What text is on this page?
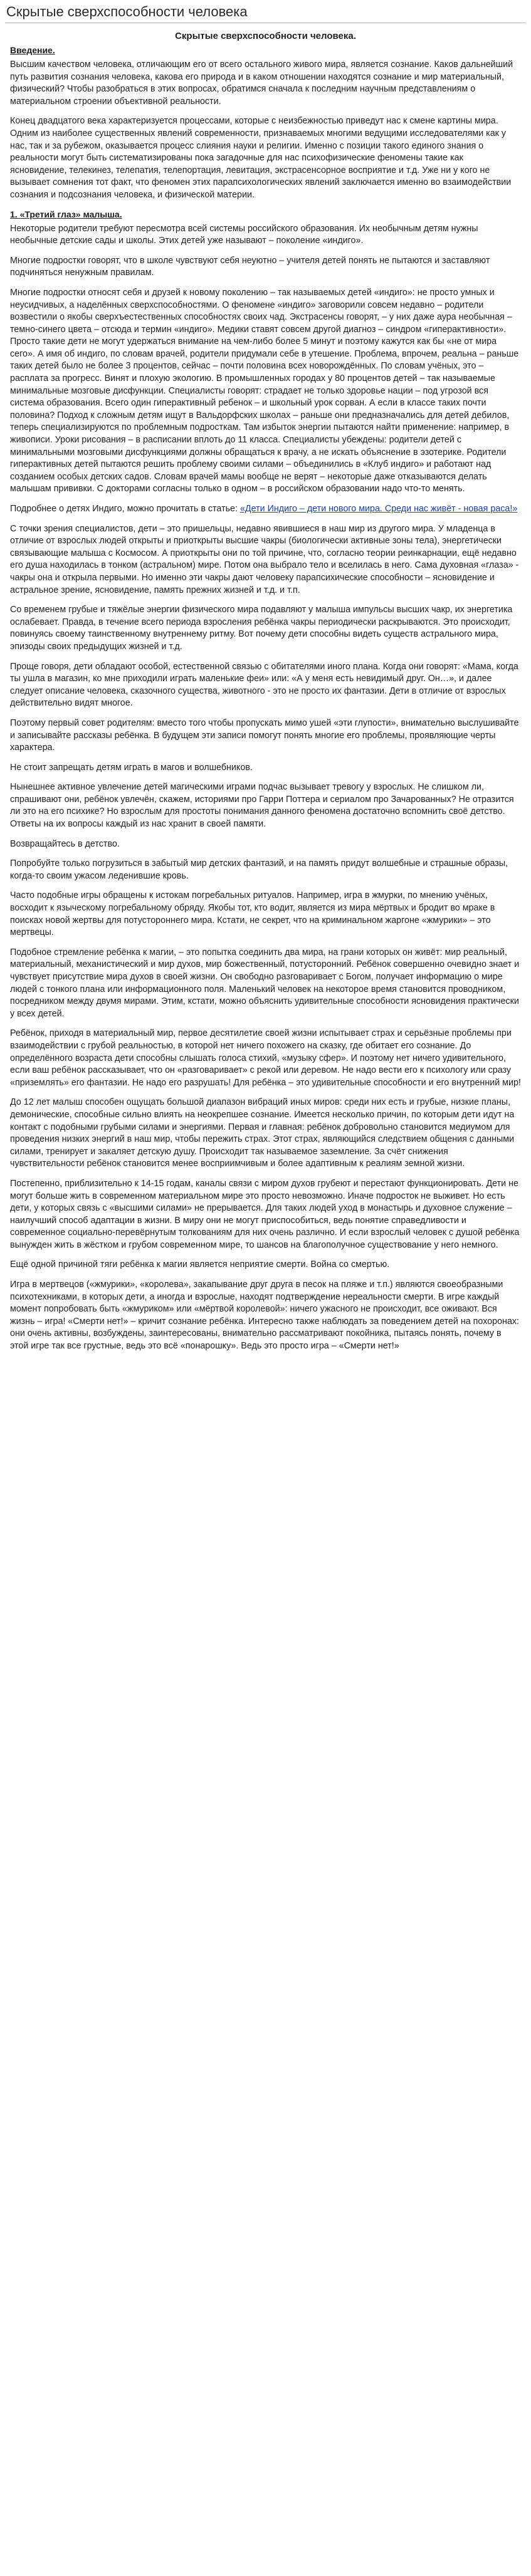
Скрытые сверхспособности человека
Скрытые сверхспособности человека.
Введение.

Высшим качеством человека, отличающим его от всего остального живого мира, является сознание. Каков дальнейший путь развития сознания человека, каковa его природа и в каком отношении находятся сознание и мир материальный, физический? Чтобы разобраться в этих вопросах, обратимся сначала к последним научным представлениям о материальном строении объективной реальности.

Конец двадцатого века характеризуется процессами, которые с неизбежностью приведут нас к смене картины мира. Одним из наиболее существенных явлений современности, признаваемых многими ведущими исследователями как у нас, так и за рубежом, оказывается процесс слияния науки и религии. Именно с позиции такого единого знания о реальности могут быть систематизированы пока загадочные для нас психофизические феномены такие как ясновидение, телекинез, телепатия, телепортация, левитация, экстрасенсорное восприятие и т.д. Уже ни у кого не вызывает сомнения тот факт, что феномен этих парапсихологических явлений заключается именно во взаимодействии сознания и подсознания человека, и физической материи.

1. «Третий глаз» малыша.

Некоторые родители требуют пересмотра всей системы российского образования. Их необычным детям нужны необычные детские сады и школы. Этих детей уже называют – поколение «индиго».

Многие подростки говорят, что в школе чувствуют себя неуютно – учителя детей понять не пытаются и заставляют подчиняться ненужным правилам.

Многие подростки относят себя и друзей к новому поколению – так называемых детей «индиго»: не просто умных и неусидчивых, а наделённых сверхспособностями. О феномене «индиго» заговорили совсем недавно – родители возвестили о якобы сверхъестественных способностях своих чад. Экстрасенсы говорят, – у них даже аура необычная – темно-синего цвета – отсюда и термин «индиго». Медики ставят совсем другой диагноз – синдром «гиперактивности». Просто такие дети не могут удержаться внимание на чем-либо более 5 минут и поэтому кажутся как бы «не от мира сего». А имя об индиго, по словам врачей, родители придумали себе в утешение. Проблема, впрочем, реальна – раньше таких детей было не более 3 процентов, сейчас – почти половина всех новорождённых. По словам учёных, это – расплата за прогресс. Винят и плохую экологию. В промышленных городах у 80 процентов детей – так называемые минимальные мозговые дисфункции. Специалисты говорят: страдает не только здоровье нации – под угрозой вся система образования. Всего один гиперактивный ребенок – и школьный урок сорван. А если в классе таких почти половина? Подход к сложным детям ищут в Вальдорфских школах – раньше они предназначались для детей дебилов, теперь специализируются по проблемным подросткам. Там избыток энергии пытаются найти применение: например, в живописи. Уроки рисования – в расписании вплоть до 11 класса. Специалисты убеждены: родители детей с минимальными мозговыми дисфункциями должны обращаться к врачу, а не искать объяснение в эзотерике. Родители гиперактивных детей пытаются решить проблему своими силами – объединились в «Клуб индиго» и работают над созданием особых детских садов. Словам врачей мамы вообще не верят – некоторые даже отказываются делать малышам прививки. С докторами согласны только в одном – в российском образовании надо что-то менять.

Подробнее о детях Индиго, можно прочитать в статье: «Дети Индиго – дети нового мира. Среди нас живёт - новая раса!»

С точки зрения специалистов, дети – это пришельцы, недавно явившиеся в наш мир из другого мира. У младенца в отличие от взрослых людей открыты и приоткрыты высшие чакры (биологически активные зоны тела), энергетически связывающие малыша с Космосом. А приоткрыты они по той причине, что, согласно теории реинкарнации, ещё недавно его душа находилась в тонком (астральном) мире. Потом она выбрало тело и вселилась в него. Сама духовная «глаза» - чакры она и открыла первыми. Но именно эти чакры дают человеку парапсихические способности – ясновидение и астральное зрение, ясновидение, память прежних жизней и т.д. и т.п.

Со временем грубые и тяжёлые энергии физического мира подавляют у малыша импульсы высших чакр, их энергетика ослабевает. Правда, в течение всего периода взросления ребёнка чакры периодически раскрываются. Это происходит, повинуясь своему таинственному внутреннему ритму. Вот почему дети способны видеть существ астрального мира, эпизоды своих предыдущих жизней и т.д.

Проще говоря, дети обладают особой, естественной связью с обитателями иного плана. Когда они говорят: «Мама, когда ты ушла в магазин, ко мне приходили играть маленькие феи» или: «А у меня есть невидимый друг. Он…», и далее следует описание человека, сказочного существа, животного - это не просто их фантазии. Дети в отличие от взрослых действительно видят многое.

Поэтому первый совет родителям: вместо того чтобы пропускать мимо ушей «эти глупости», внимательно выслушивайте и записывайте рассказы ребёнка. В будущем эти записи помогут понять многие его проблемы, проявляющие черты характера.

Не стоит запрещать детям играть в магов и волшебников.

Нынешнее активное увлечение детей магическими играми подчас вызывает тревогу у взрослых. Не слишком ли, спрашивают они, ребёнок увлечён, скажем, историями про Гарри Поттера и сериалом про Зачарованных? Не отразится ли это на его психике? Но взрослым для простоты понимания данного феномена достаточно вспомнить своё детство. Ответы на их вопросы каждый из нас хранит в своей памяти.

Возвращайтесь в детство.

Попробуйте только погрузиться в забытый мир детских фантазий, и на память придут волшебные и страшные образы, когда-то своим ужасом леденившие кровь.

Часто подобные игры обращены к истокам погребальных ритуалов. Например, игра в жмурки, по мнению учёных, восходит к языческому погребальному обряду. Якобы тот, кто водит, является из мира мёртвых и бродит во мраке в поисках новой жертвы для потустороннего мира. Кстати, не секрет, что на криминальном жаргоне «жмурики» – это мертвецы.

Подобное стремление ребёнка к магии, – это попытка соединить два мира, на грани которых он живёт: мир реальный, материальный, механистический и мир духов, мир божественный, потусторонний. Ребёнок совершенно очевидно знает и чувствует присутствие мира духов в своей жизни. Он свободно разговаривает с Богом, получает информацию о мире людей с тонкого плана или информационного поля. Маленький человек на некоторое время становится проводником, посредником между двумя мирами. Этим, кстати, можно объяснить удивительные способности ясновидения практически у всех детей.

Ребёнок, приходя в материальный мир, первое десятилетие своей жизни испытывает страх и серьёзные проблемы при взаимодействии с грубой реальностью, в которой нет ничего похожего на сказку, где обитает его сознание. До определённого возраста дети способны слышать голоса стихий, «музыку сфер». И поэтому нет ничего удивительного, если ваш ребёнок рассказывает, что он «разговаривает» с рекой или деревом. Не надо вести его к психологу или сразу «приземлять» его фантазии. Не надо его разрушать! Для ребёнка – это удивительные способности и его внутренний мир!

До 12 лет малыш способен ощущать большой диапазон вибраций иных миров: среди них есть и грубые, низкие планы, демонические, способные сильно влиять на неокрепшее сознание. Имеется несколько причин, по которым дети идут на контакт с подобными грубыми силами и энергиями. Первая и главная: ребёнок добровольно становится медиумом для проведения низких энергий в наш мир, чтобы пережить страх. Этот страх, являющийся следствием общения с данными силами, тренирует и закаляет детскую душу. Происходит так называемое заземление. За счёт снижения чувствительности ребёнок становится менее восприимчивым и более адаптивным к реалиям земной жизни.

Постепенно, приблизительно к 14-15 годам, каналы связи с миром духов грубеют и перестают функционировать. Дети не могут больше жить в современном материальном мире это просто невозможно. Иначе подросток не выживет. Но есть дети, у которых связь с «высшими силами» не прерывается. Для таких людей уход в монастырь и духовное служение – наилучший способ адаптации в жизни. В миру они не могут приспособиться, ведь понятие справедливости и современное социально-перевёрнутым толкованиям для них очень различно. И если взрослый человек с душой ребёнка вынужден жить в жёстком и грубом современном мире, то шансов на благополучное существование у него немного.

Ещё одной причиной тяги ребёнка к магии является неприятие смерти. Война со смертью.

Игра в мертвецов («жмурики», «королева», закапывание друг друга в песок на пляже и т.п.) являются своеобразными психотехниками, в которых дети, а иногда и взрослые, находят подтверждение нереальности смерти. В игре каждый момент попробовать быть «жмуриком» или «мёртвой королевой»: ничего ужасного не происходит, все оживают. Вся жизнь – игра! «Смерти нет!» – кричит сознание ребёнка. Интересно также наблюдать за поведением детей на похоронах: они очень активны, возбуждены, заинтересованы, внимательно рассматривают покойника, пытаясь понять, почему в этой игре так все грустные, ведь это всё «понарошку». Ведь это просто игра – «Смерти нет!»
